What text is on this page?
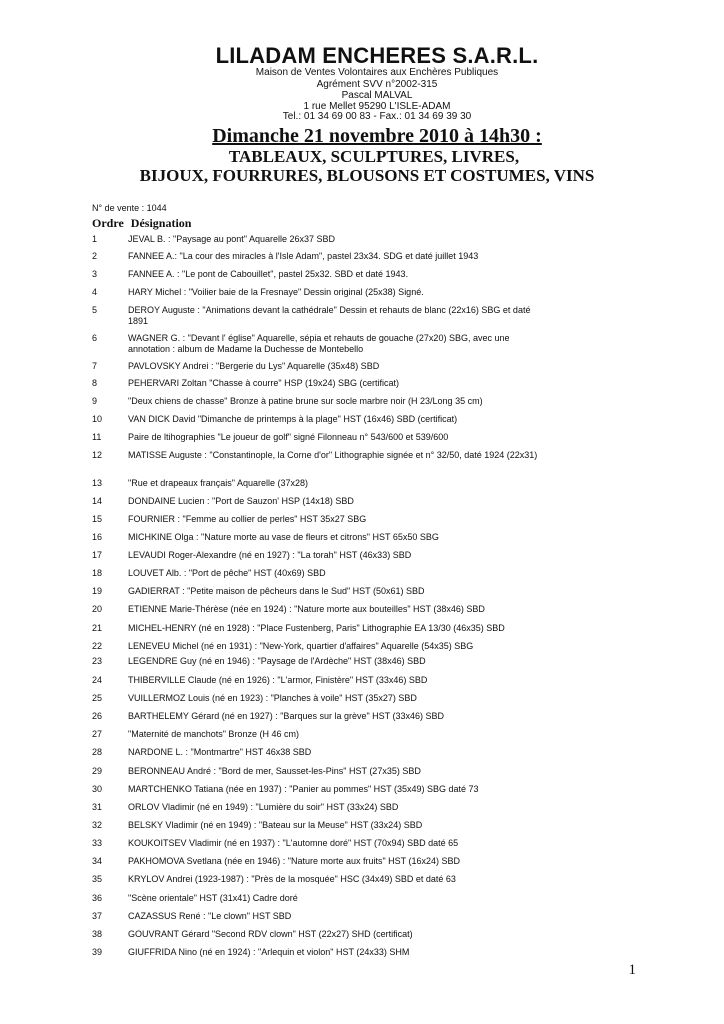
LILADAM ENCHERES S.A.R.L.
Maison de Ventes Volontaires aux Enchères Publiques
Agrément SVV n°2002-315
Pascal MALVAL
1 rue Mellet 95290 L'ISLE-ADAM
Tel.: 01 34 69 00 83 - Fax.: 01 34 69 39 30
Dimanche 21 novembre 2010 à 14h30 :
TABLEAUX, SCULPTURES, LIVRES,
BIJOUX, FOURRURES, BLOUSONS ET COSTUMES, VINS
N° de vente : 1044
Ordre Désignation
1	JEVAL B. : "Paysage au pont" Aquarelle 26x37 SBD
2	FANNEE A.: "La cour des miracles à l'Isle Adam", pastel 23x34. SDG et daté juillet 1943
3	FANNEE A. : "Le pont de Cabouillet", pastel 25x32. SBD et daté 1943.
4	HARY Michel : "Voilier baie de la Fresnaye" Dessin original (25x38) Signé.
5	DEROY Auguste : "Animations devant la cathédrale" Dessin et rehauts de blanc (22x16) SBG et daté 1891
6	WAGNER G. : "Devant l' église" Aquarelle, sépia et rehauts de gouache (27x20) SBG, avec une annotation : album de Madame la Duchesse de Montebello
7	PAVLOVSKY Andrei : "Bergerie du Lys" Aquarelle (35x48) SBD
8	PEHERVARI Zoltan "Chasse à courre" HSP (19x24) SBG (certificat)
9	"Deux chiens de chasse" Bronze à patine brune sur socle marbre noir (H 23/Long 35 cm)
10	VAN DICK David "Dimanche de printemps à la plage" HST (16x46) SBD (certificat)
11	Paire de ltihographies "Le joueur de golf" signé Filonneau n° 543/600 et 539/600
12	MATISSE Auguste : "Constantinople, la Corne d'or" Lithographie signée et n° 32/50, daté 1924 (22x31)
13	"Rue et drapeaux français" Aquarelle (37x28)
14	DONDAINE Lucien : "Port de Sauzon' HSP (14x18) SBD
15	FOURNIER : "Femme au collier de perles" HST 35x27 SBG
16	MICHKINE Olga : "Nature morte au vase de fleurs et citrons" HST 65x50 SBG
17	LEVAUDI Roger-Alexandre (né en 1927) : "La torah" HST (46x33) SBD
18	LOUVET Alb. : "Port de pêche" HST (40x69) SBD
19	GADIERRAT : "Petite maison de pêcheurs dans le Sud" HST (50x61) SBD
20	ETIENNE Marie-Thérèse (née en 1924) : "Nature morte aux bouteilles" HST (38x46) SBD
21	MICHEL-HENRY (né en 1928) : "Place Fustenberg, Paris" Lithographie EA 13/30 (46x35) SBD
22	LENEVEU Michel (né en 1931) : "New-York, quartier d'affaires" Aquarelle (54x35) SBG
23	LEGENDRE Guy (né en 1946) : "Paysage de l'Ardèche" HST (38x46) SBD
24	THIBERVILLE Claude (né en 1926) : "L'armor, Finistère" HST (33x46) SBD
25	VUILLERMOZ Louis (né en 1923) : "Planches à voile" HST (35x27) SBD
26	BARTHELEMY Gérard (né en 1927) : "Barques sur la grève" HST (33x46) SBD
27	"Maternité de manchots" Bronze (H 46 cm)
28	NARDONE L. : "Montmartre" HST 46x38 SBD
29	BERONNEAU André : "Bord de mer, Sausset-les-Pins" HST (27x35) SBD
30	MARTCHENKO Tatiana (née en 1937) : "Panier au pommes" HST (35x49) SBG daté 73
31	ORLOV Vladimir (né en 1949) : "Lumière du soir" HST (33x24) SBD
32	BELSKY Vladimir (né en 1949) : "Bateau sur la Meuse" HST (33x24) SBD
33	KOUKOITSEV Vladimir (né en 1937) : "L'automne doré" HST (70x94) SBD daté 65
34	PAKHOMOVA Svetlana (née en 1946) : "Nature morte aux fruits" HST (16x24) SBD
35	KRYLOV Andrei (1923-1987) : "Près de la mosquée" HSC (34x49) SBD et daté 63
36	"Scène orientale" HST (31x41) Cadre doré
37	CAZASSUS René : "Le clown" HST SBD
38	GOUVRANT Gérard "Second RDV clown" HST (22x27) SHD (certificat)
39	GIUFFRIDA Nino (né en 1924) : "Arlequin et violon" HST (24x33) SHM
1
